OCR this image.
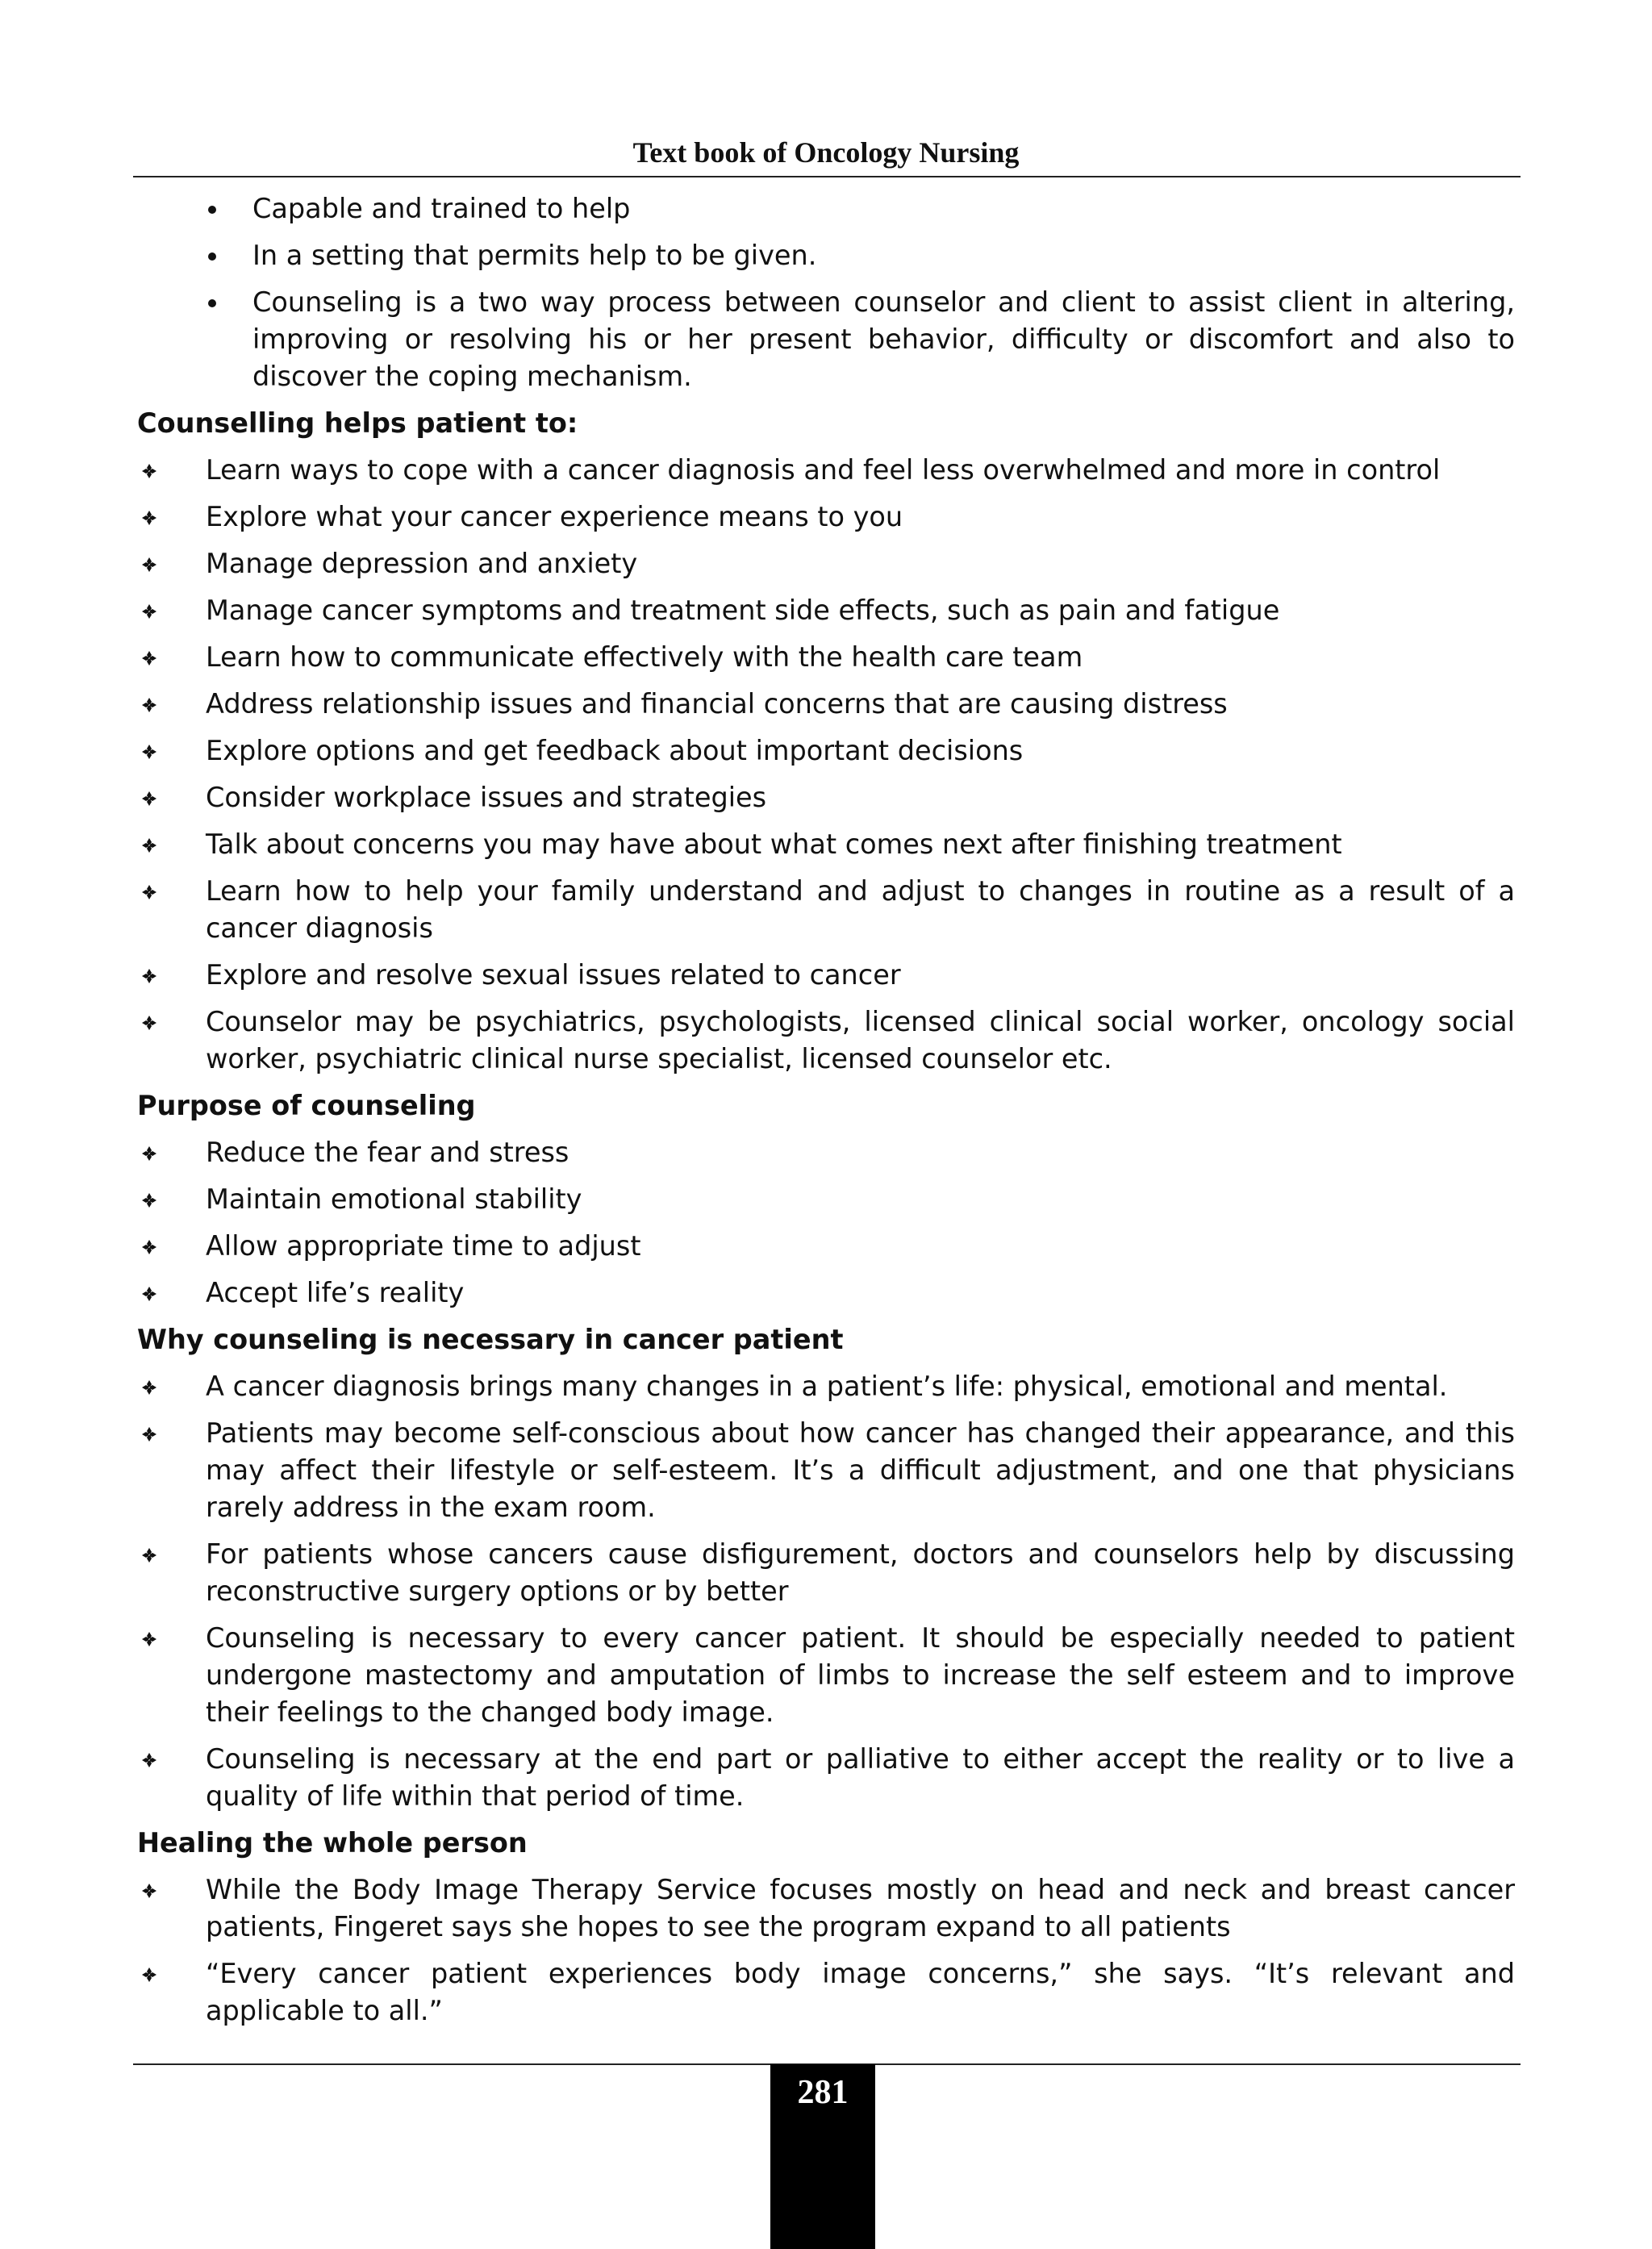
Text book of Oncology Nursing
Capable and trained to help
In a setting that permits help to be given.
Counseling is a two way process between counselor and client to assist client in altering, improving or resolving his or her present behavior, difficulty or discomfort and also to discover the coping mechanism.
Counselling helps patient to:
Learn ways to cope with a cancer diagnosis and feel less overwhelmed and more in control
Explore what your cancer experience means to you
Manage depression and anxiety
Manage cancer symptoms and treatment side effects, such as pain and fatigue
Learn how to communicate effectively with the health care team
Address relationship issues and financial concerns that are causing distress
Explore options and get feedback about important decisions
Consider workplace issues and strategies
Talk about concerns you may have about what comes next after finishing treatment
Learn how to help your family understand and adjust to changes in routine as a result of a cancer diagnosis
Explore and resolve sexual issues related to cancer
Counselor may be psychiatrics, psychologists, licensed clinical social worker, oncology social worker, psychiatric clinical nurse specialist, licensed counselor etc.
Purpose of counseling
Reduce the fear and stress
Maintain emotional stability
Allow appropriate time to adjust
Accept life’s reality
Why counseling is necessary in cancer patient
A cancer diagnosis brings many changes in a patient’s life: physical, emotional and mental.
Patients may become self-conscious about how cancer has changed their appearance, and this may affect their lifestyle or self-esteem. It’s a difficult adjustment, and one that physicians rarely address in the exam room.
For patients whose cancers cause disfigurement, doctors and counselors help by discussing reconstructive surgery options or by better
Counseling is necessary to every cancer patient. It should be especially needed to patient undergone mastectomy and amputation of limbs to increase the self esteem and to improve their feelings to the changed body image.
Counseling is necessary at the end part or palliative to either accept the reality or to live a quality of life within that period of time.
Healing the whole person
While the Body Image Therapy Service focuses mostly on head and neck and breast cancer patients, Fingeret says she hopes to see the program expand to all patients
“Every cancer patient experiences body image concerns,” she says. “It’s relevant and applicable to all.”
281
